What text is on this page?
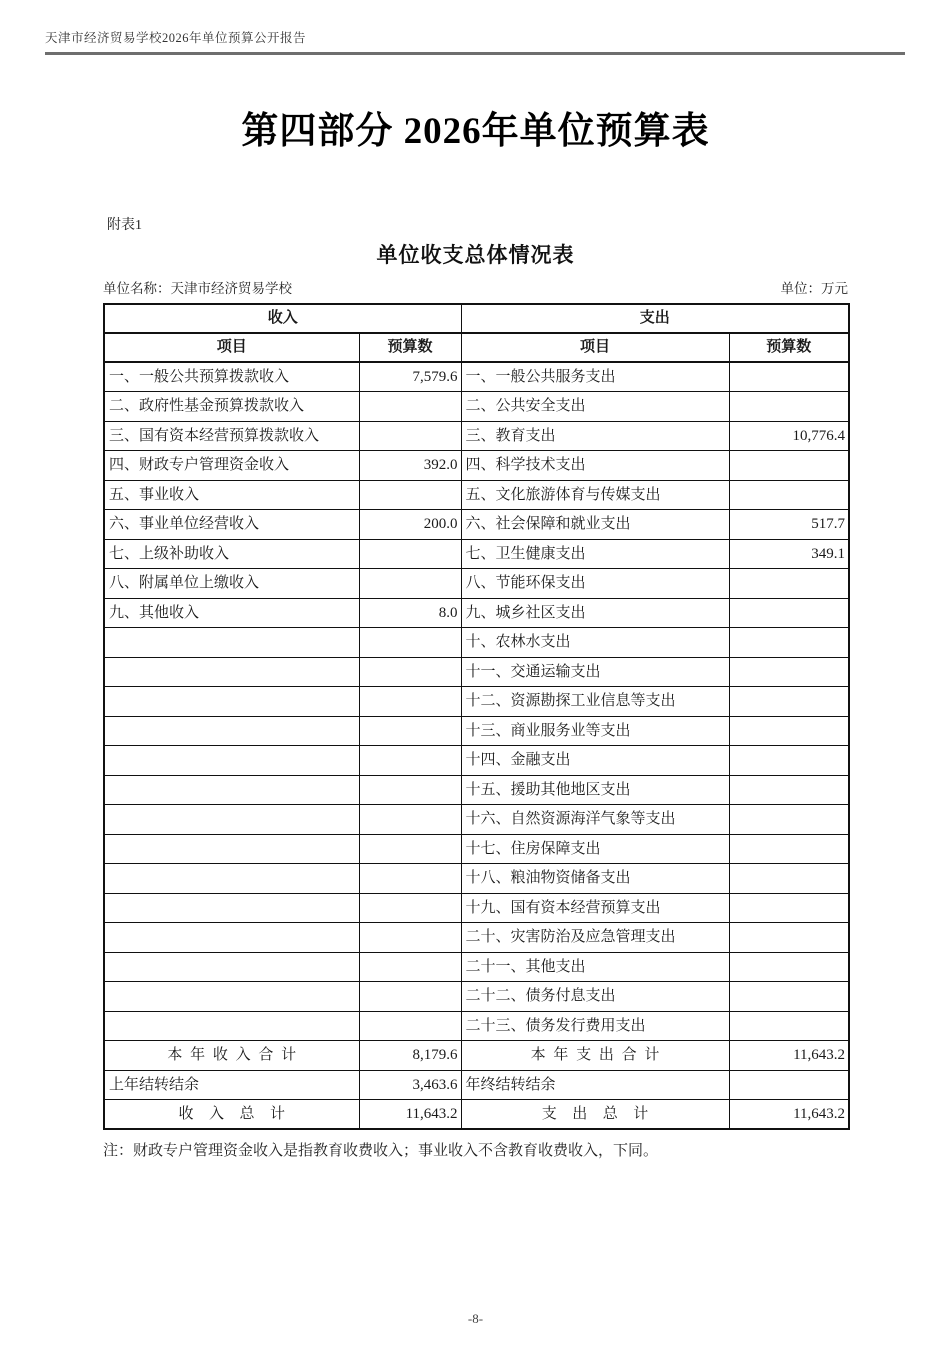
天津市经济贸易学校2026年单位预算公开报告
第四部分 2026年单位预算表
附表1
单位收支总体情况表
单位名称：天津市经济贸易学校	单位：万元
收入		支出	
项目	预算数	项目	预算数
一、一般公共预算拨款收入	7,579.6	一、一般公共服务支出	
二、政府性基金预算拨款收入		二、公共安全支出	
三、国有资本经营预算拨款收入		三、教育支出	10,776.4
四、财政专户管理资金收入	392.0	四、科学技术支出	
五、事业收入		五、文化旅游体育与传媒支出	
六、事业单位经营收入	200.0	六、社会保障和就业支出	517.7
七、上级补助收入		七、卫生健康支出	349.1
八、附属单位上缴收入		八、节能环保支出	
九、其他收入	8.0	九、城乡社区支出	
		十、农林水支出	
		十一、交通运输支出	
		十二、资源勘探工业信息等支出	
		十三、商业服务业等支出	
		十四、金融支出	
		十五、援助其他地区支出	
		十六、自然资源海洋气象等支出	
		十七、住房保障支出	
		十八、粮油物资储备支出	
		十九、国有资本经营预算支出	
		二十、灾害防治及应急管理支出	
		二十一、其他支出	
		二十二、债务付息支出	
		二十三、债务发行费用支出	
本 年 收 入 合 计	8,179.6	本 年 支 出 合 计	11,643.2
上年结转结余	3,463.6	年终结转结余	
收  入  总  计	11,643.2	支  出  总  计	11,643.2
注：财政专户管理资金收入是指教育收费收入；事业收入不含教育收费收入，下同。
-8-
